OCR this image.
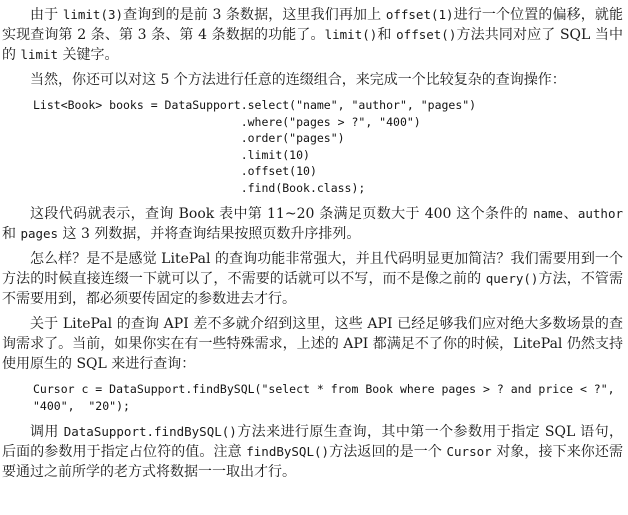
由于 limit(3)查询到的是前 3 条数据，这里我们再加上 offset(1)进行一个位置的偏移，就能实现查询第 2 条、第 3 条、第 4 条数据的功能了。limit()和 offset()方法共同对应了 SQL 当中的 limit 关键字。

当然，你还可以对这 5 个方法进行任意的连缀组合，来完成一个比较复杂的查询操作：

List<Book> books = DataSupport.select("name", "author", "pages")
.where("pages > ?", "400")
.order("pages")
.limit(10)
.offset(10)
.find(Book.class);

这段代码就表示，查询 Book 表中第 11~20 条满足页数大于 400 这个条件的 name、author 和 pages 这 3 列数据，并将查询结果按照页数升序排列。

怎么样？是不是感觉 LitePal 的查询功能非常强大，并且代码明显更加简洁？我们需要用到一个方法的时候直接连缀一下就可以了，不需要的话就可以不写，而不是像之前的 query()方法，不管需不需要用到，都必须要传固定的参数进去才行。

关于 LitePal 的查询 API 差不多就介绍到这里，这些 API 已经足够我们应对绝大多数场景的查询需求了。当前，如果你实在有一些特殊需求，上述的 API 都满足不了你的时候，LitePal 仍然支持使用原生的 SQL 来进行查询：

Cursor c = DataSupport.findBySQL("select * from Book where pages > ? and price < ?",
"400",  "20");

调用 DataSupport.findBySQL()方法来进行原生查询，其中第一个参数用于指定 SQL 语句，后面的参数用于指定占位符的值。注意 findBySQL()方法返回的是一个 Cursor 对象，接下来你还需要通过之前所学的老方式将数据一一取出才行。
